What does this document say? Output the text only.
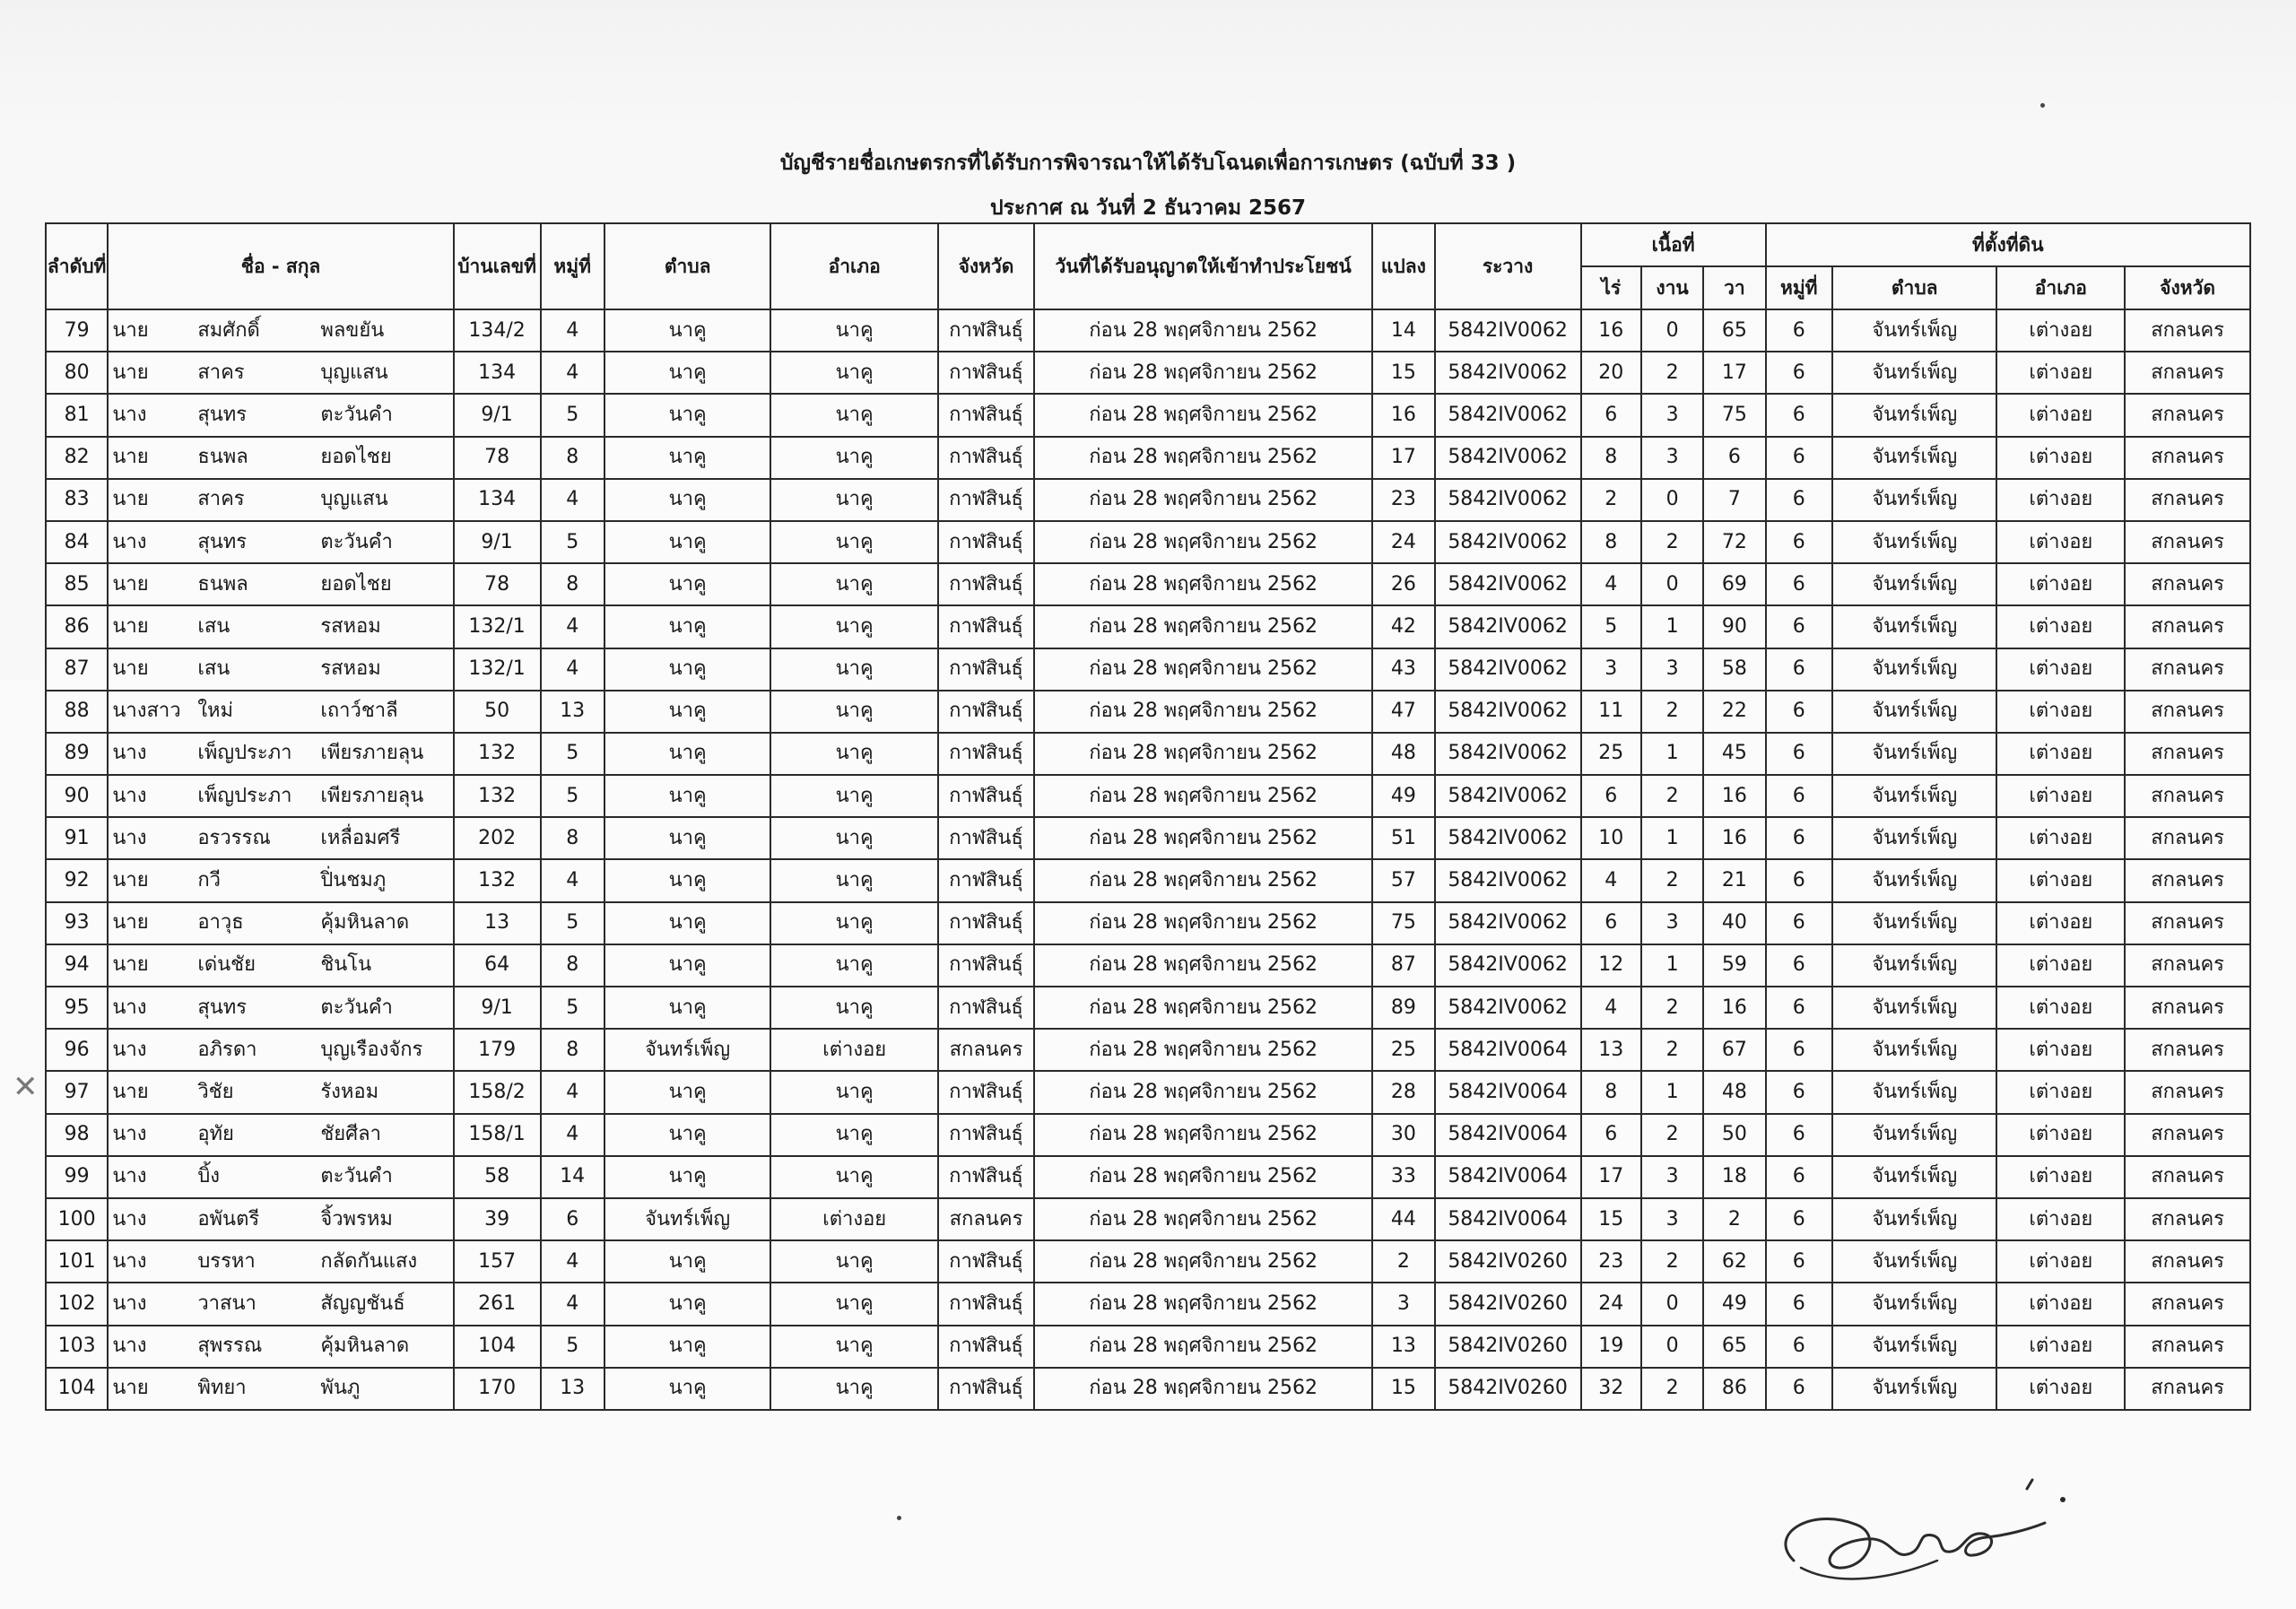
บัญชีรายชื่อเกษตรกรที่ได้รับการพิจารณาให้ได้รับโฉนดเพื่อการเกษตร (ฉบับที่ 33 )
ประกาศ ณ วันที่ 2 ธันวาคม 2567
ลำดับที่	ชื่อ - สกุล	บ้านเลขที่	หมู่ที่	ตำบล	อำเภอ	จังหวัด	วันที่ได้รับอนุญาตให้เข้าทำประโยชน์	แปลง	ระวาง	เนื้อที่			ที่ตั้งที่ดิน			
										ไร่	งาน	วา	หมู่ที่	ตำบล	อำเภอ	จังหวัด
79	นาย สมศักดิ์ พลขยัน	134/2	4	นาคู	นาคู	กาฬสินธุ์	ก่อน 28 พฤศจิกายน 2562	14	5842IV0062	16	0	65	6	จันทร์เพ็ญ	เต่างอย	สกลนคร
80	นาย สาคร บุญแสน	134	4	นาคู	นาคู	กาฬสินธุ์	ก่อน 28 พฤศจิกายน 2562	15	5842IV0062	20	2	17	6	จันทร์เพ็ญ	เต่างอย	สกลนคร
81	นาง สุนทร ตะวันคำ	9/1	5	นาคู	นาคู	กาฬสินธุ์	ก่อน 28 พฤศจิกายน 2562	16	5842IV0062	6	3	75	6	จันทร์เพ็ญ	เต่างอย	สกลนคร
82	นาย ธนพล ยอดไชย	78	8	นาคู	นาคู	กาฬสินธุ์	ก่อน 28 พฤศจิกายน 2562	17	5842IV0062	8	3	6	6	จันทร์เพ็ญ	เต่างอย	สกลนคร
83	นาย สาคร บุญแสน	134	4	นาคู	นาคู	กาฬสินธุ์	ก่อน 28 พฤศจิกายน 2562	23	5842IV0062	2	0	7	6	จันทร์เพ็ญ	เต่างอย	สกลนคร
84	นาง สุนทร ตะวันคำ	9/1	5	นาคู	นาคู	กาฬสินธุ์	ก่อน 28 พฤศจิกายน 2562	24	5842IV0062	8	2	72	6	จันทร์เพ็ญ	เต่างอย	สกลนคร
85	นาย ธนพล ยอดไชย	78	8	นาคู	นาคู	กาฬสินธุ์	ก่อน 28 พฤศจิกายน 2562	26	5842IV0062	4	0	69	6	จันทร์เพ็ญ	เต่างอย	สกลนคร
86	นาย เสน รสหอม	132/1	4	นาคู	นาคู	กาฬสินธุ์	ก่อน 28 พฤศจิกายน 2562	42	5842IV0062	5	1	90	6	จันทร์เพ็ญ	เต่างอย	สกลนคร
87	นาย เสน รสหอม	132/1	4	นาคู	นาคู	กาฬสินธุ์	ก่อน 28 พฤศจิกายน 2562	43	5842IV0062	3	3	58	6	จันทร์เพ็ญ	เต่างอย	สกลนคร
88	นางสาว ใหม่ เถาว์ชาลี	50	13	นาคู	นาคู	กาฬสินธุ์	ก่อน 28 พฤศจิกายน 2562	47	5842IV0062	11	2	22	6	จันทร์เพ็ญ	เต่างอย	สกลนคร
89	นาง เพ็ญประภา เพียรภายลุน	132	5	นาคู	นาคู	กาฬสินธุ์	ก่อน 28 พฤศจิกายน 2562	48	5842IV0062	25	1	45	6	จันทร์เพ็ญ	เต่างอย	สกลนคร
90	นาง เพ็ญประภา เพียรภายลุน	132	5	นาคู	นาคู	กาฬสินธุ์	ก่อน 28 พฤศจิกายน 2562	49	5842IV0062	6	2	16	6	จันทร์เพ็ญ	เต่างอย	สกลนคร
91	นาง อรวรรณ เหลื่อมศรี	202	8	นาคู	นาคู	กาฬสินธุ์	ก่อน 28 พฤศจิกายน 2562	51	5842IV0062	10	1	16	6	จันทร์เพ็ญ	เต่างอย	สกลนคร
92	นาย กวี ปิ่นชมภู	132	4	นาคู	นาคู	กาฬสินธุ์	ก่อน 28 พฤศจิกายน 2562	57	5842IV0062	4	2	21	6	จันทร์เพ็ญ	เต่างอย	สกลนคร
93	นาย อาวุธ คุ้มหินลาด	13	5	นาคู	นาคู	กาฬสินธุ์	ก่อน 28 พฤศจิกายน 2562	75	5842IV0062	6	3	40	6	จันทร์เพ็ญ	เต่างอย	สกลนคร
94	นาย เด่นชัย ชินโน	64	8	นาคู	นาคู	กาฬสินธุ์	ก่อน 28 พฤศจิกายน 2562	87	5842IV0062	12	1	59	6	จันทร์เพ็ญ	เต่างอย	สกลนคร
95	นาง สุนทร ตะวันคำ	9/1	5	นาคู	นาคู	กาฬสินธุ์	ก่อน 28 พฤศจิกายน 2562	89	5842IV0062	4	2	16	6	จันทร์เพ็ญ	เต่างอย	สกลนคร
96	นาง อภิรดา บุญเรืองจักร	179	8	จันทร์เพ็ญ	เต่างอย	สกลนคร	ก่อน 28 พฤศจิกายน 2562	25	5842IV0064	13	2	67	6	จันทร์เพ็ญ	เต่างอย	สกลนคร
97	นาย วิชัย รังหอม	158/2	4	นาคู	นาคู	กาฬสินธุ์	ก่อน 28 พฤศจิกายน 2562	28	5842IV0064	8	1	48	6	จันทร์เพ็ญ	เต่างอย	สกลนคร
98	นาง อุทัย ชัยศีลา	158/1	4	นาคู	นาคู	กาฬสินธุ์	ก่อน 28 พฤศจิกายน 2562	30	5842IV0064	6	2	50	6	จันทร์เพ็ญ	เต่างอย	สกลนคร
99	นาง บิ้ง ตะวันคำ	58	14	นาคู	นาคู	กาฬสินธุ์	ก่อน 28 พฤศจิกายน 2562	33	5842IV0064	17	3	18	6	จันทร์เพ็ญ	เต่างอย	สกลนคร
100	นาง อพันตรี จิ้วพรหม	39	6	จันทร์เพ็ญ	เต่างอย	สกลนคร	ก่อน 28 พฤศจิกายน 2562	44	5842IV0064	15	3	2	6	จันทร์เพ็ญ	เต่างอย	สกลนคร
101	นาง บรรหา กลัดกันแสง	157	4	นาคู	นาคู	กาฬสินธุ์	ก่อน 28 พฤศจิกายน 2562	2	5842IV0260	23	2	62	6	จันทร์เพ็ญ	เต่างอย	สกลนคร
102	นาง วาสนา สัญญชันธ์	261	4	นาคู	นาคู	กาฬสินธุ์	ก่อน 28 พฤศจิกายน 2562	3	5842IV0260	24	0	49	6	จันทร์เพ็ญ	เต่างอย	สกลนคร
103	นาง สุพรรณ คุ้มหินลาด	104	5	นาคู	นาคู	กาฬสินธุ์	ก่อน 28 พฤศจิกายน 2562	13	5842IV0260	19	0	65	6	จันทร์เพ็ญ	เต่างอย	สกลนคร
104	นาย พิทยา พันภู	170	13	นาคู	นาคู	กาฬสินธุ์	ก่อน 28 พฤศจิกายน 2562	15	5842IV0260	32	2	86	6	จันทร์เพ็ญ	เต่างอย	สกลนคร
✕
